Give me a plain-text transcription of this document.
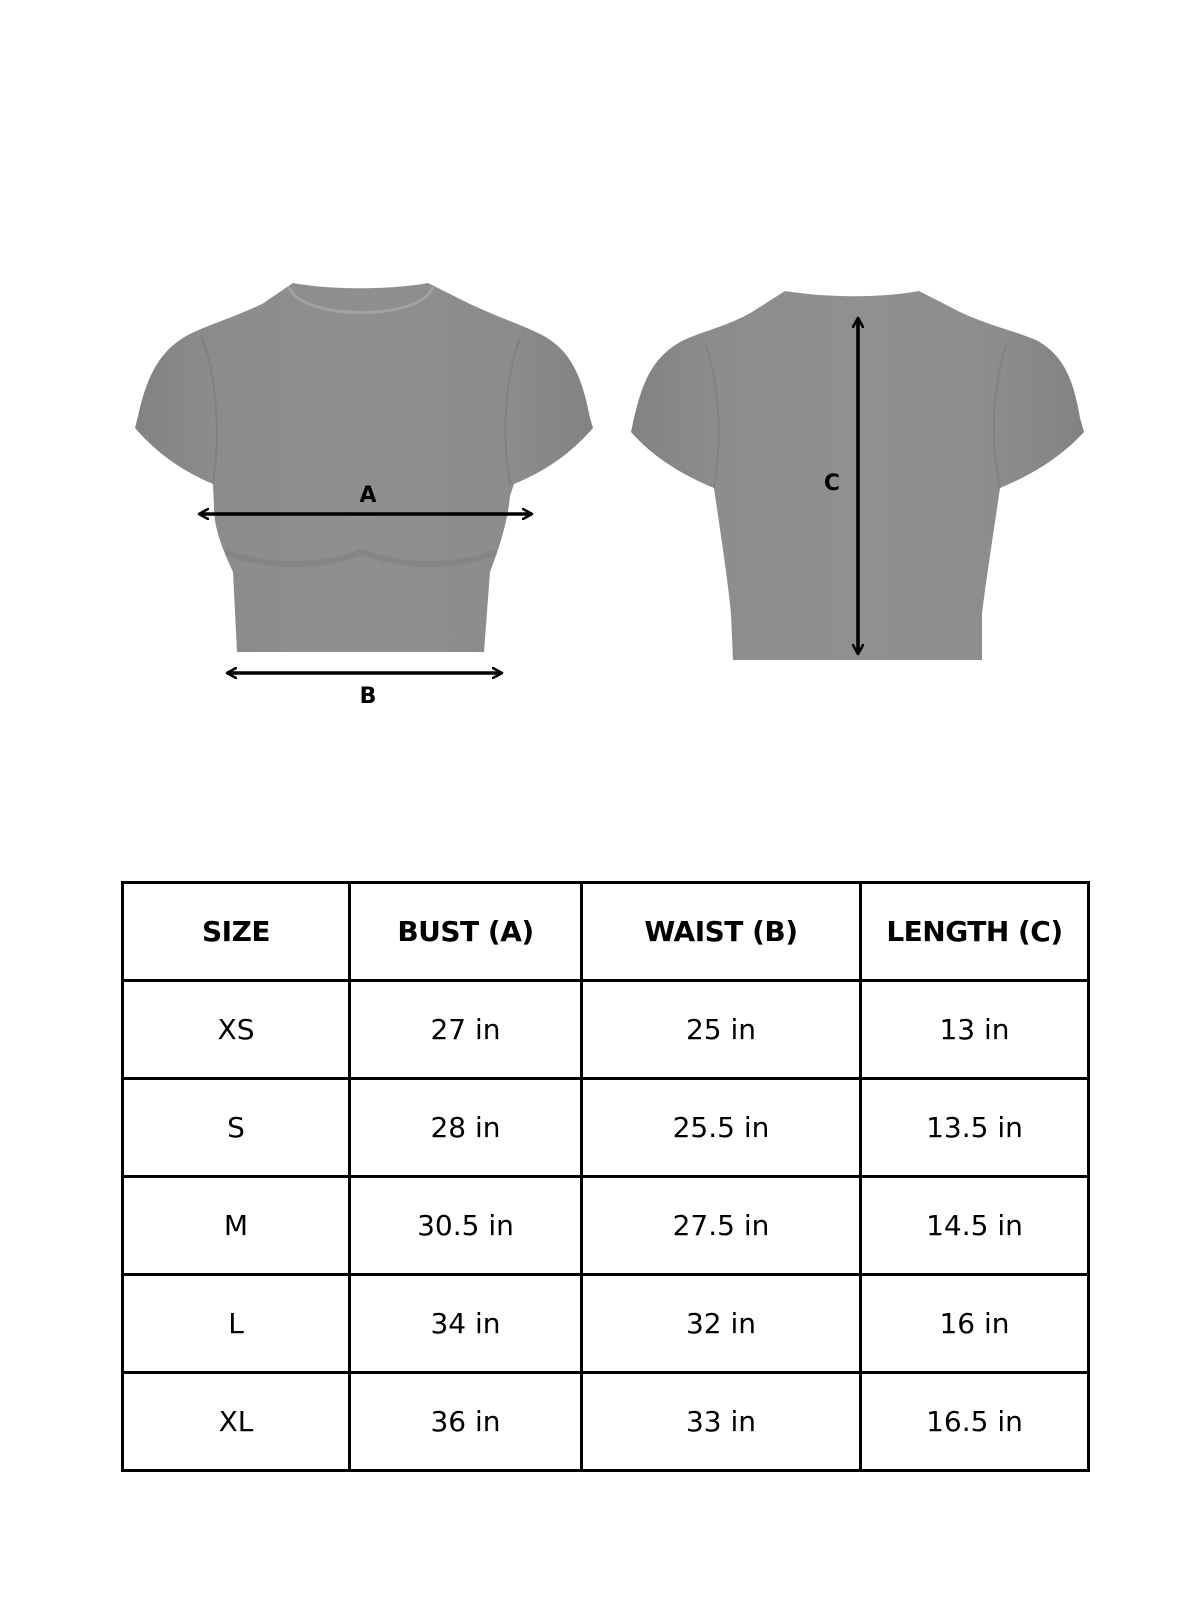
A
B
C
SIZE	BUST (A)	WAIST (B)	LENGTH (C)
XS	27 in	25 in	13 in
S	28 in	25.5 in	13.5 in
M	30.5 in	27.5 in	14.5 in
L	34 in	32 in	16 in
XL	36 in	33 in	16.5 in
